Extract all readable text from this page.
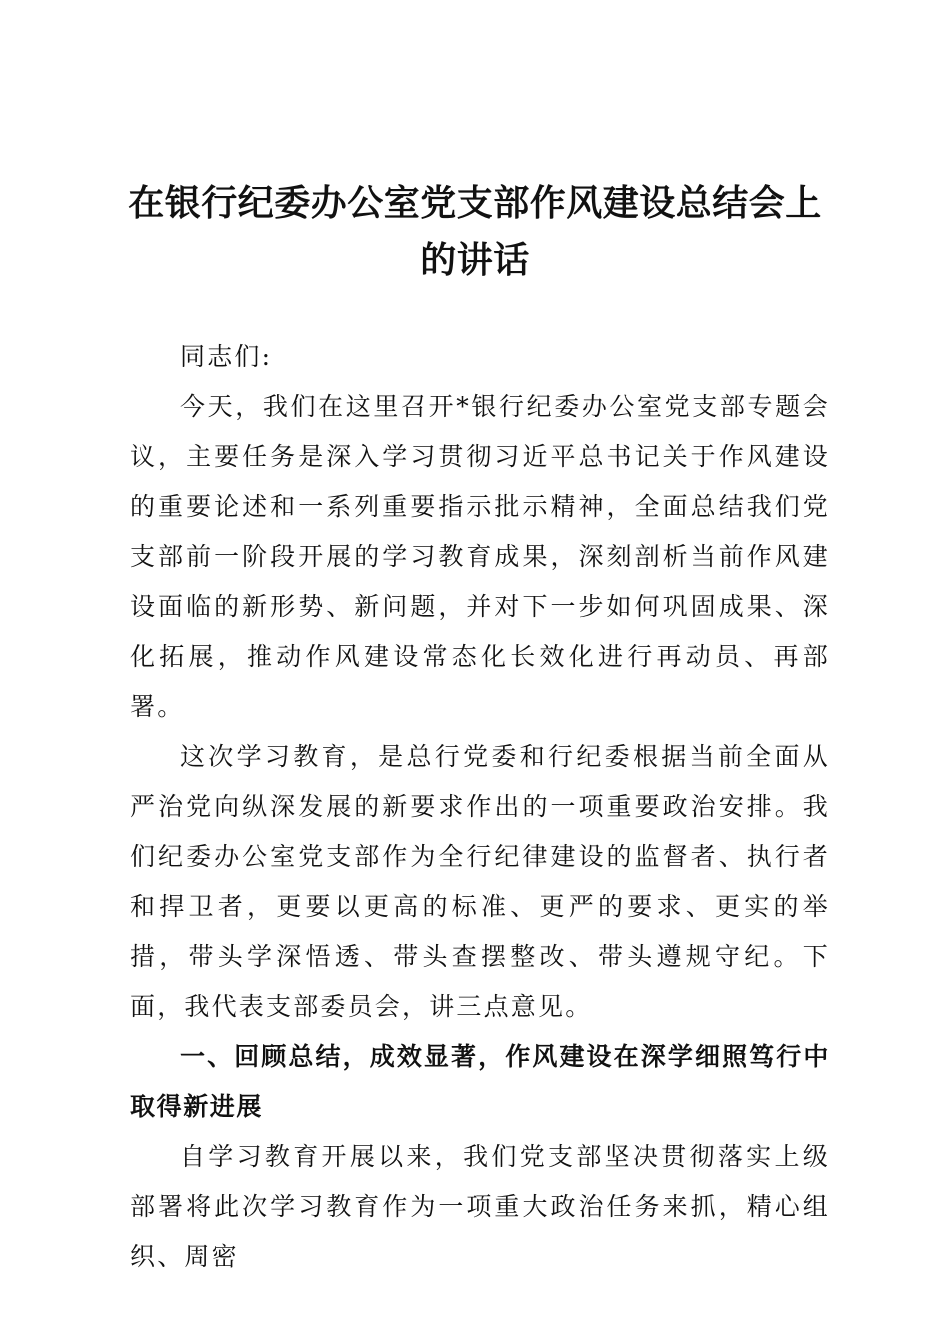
在银行纪委办公室党支部作风建设总结会上的讲话

同志们:

今天，我们在这里召开*银行纪委办公室党支部专题会议，主要任务是深入学习贯彻习近平总书记关于作风建设的重要论述和一系列重要指示批示精神，全面总结我们党支部前一阶段开展的学习教育成果，深刻剖析当前作风建设面临的新形势、新问题，并对下一步如何巩固成果、深化拓展，推动作风建设常态化长效化进行再动员、再部署。

这次学习教育，是总行党委和行纪委根据当前全面从严治党向纵深发展的新要求作出的一项重要政治安排。我们纪委办公室党支部作为全行纪律建设的监督者、执行者和捍卫者，更要以更高的标准、更严的要求、更实的举措，带头学深悟透、带头查摆整改、带头遵规守纪。下面，我代表支部委员会，讲三点意见。

一、回顾总结，成效显著，作风建设在深学细照笃行中取得新进展

自学习教育开展以来，我们党支部坚决贯彻落实上级部署将此次学习教育作为一项重大政治任务来抓，精心组织、周密
